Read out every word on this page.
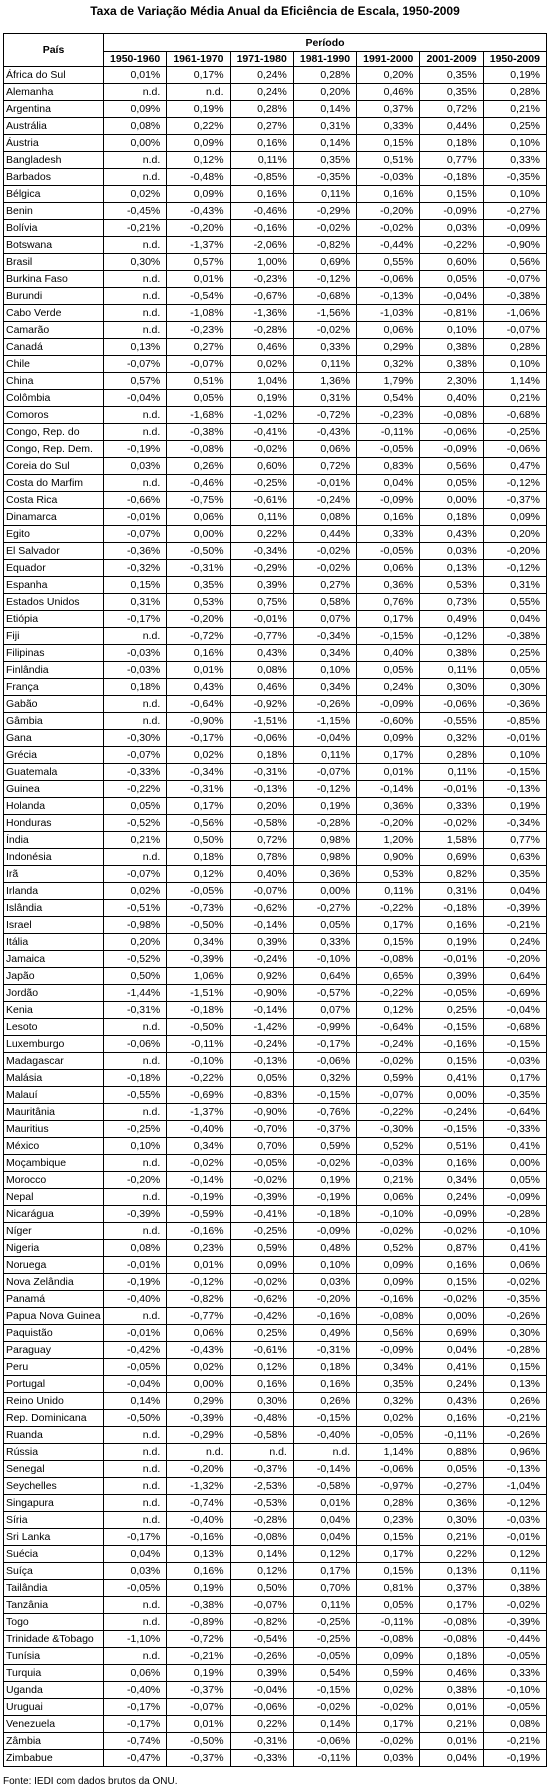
Taxa de Variação Média Anual da Eficiência de Escala, 1950-2009
País	Período						
	1950-1960	1961-1970	1971-1980	1981-1990	1991-2000	2001-2009	1950-2009
África do Sul	0,01%	0,17%	0,24%	0,28%	0,20%	0,35%	0,19%
Alemanha	n.d.	n.d.	0,24%	0,20%	0,46%	0,35%	0,28%
Argentina	0,09%	0,19%	0,28%	0,14%	0,37%	0,72%	0,21%
Austrália	0,08%	0,22%	0,27%	0,31%	0,33%	0,44%	0,25%
Áustria	0,00%	0,09%	0,16%	0,14%	0,15%	0,18%	0,10%
Bangladesh	n.d.	0,12%	0,11%	0,35%	0,51%	0,77%	0,33%
Barbados	n.d.	-0,48%	-0,85%	-0,35%	-0,03%	-0,18%	-0,35%
Bélgica	0,02%	0,09%	0,16%	0,11%	0,16%	0,15%	0,10%
Benin	-0,45%	-0,43%	-0,46%	-0,29%	-0,20%	-0,09%	-0,27%
Bolívia	-0,21%	-0,20%	-0,16%	-0,02%	-0,02%	0,03%	-0,09%
Botswana	n.d.	-1,37%	-2,06%	-0,82%	-0,44%	-0,22%	-0,90%
Brasil	0,30%	0,57%	1,00%	0,69%	0,55%	0,60%	0,56%
Burkina Faso	n.d.	0,01%	-0,23%	-0,12%	-0,06%	0,05%	-0,07%
Burundi	n.d.	-0,54%	-0,67%	-0,68%	-0,13%	-0,04%	-0,38%
Cabo Verde	n.d.	-1,08%	-1,36%	-1,56%	-1,03%	-0,81%	-1,06%
Camarão	n.d.	-0,23%	-0,28%	-0,02%	0,06%	0,10%	-0,07%
Canadá	0,13%	0,27%	0,46%	0,33%	0,29%	0,38%	0,28%
Chile	-0,07%	-0,07%	0,02%	0,11%	0,32%	0,38%	0,10%
China	0,57%	0,51%	1,04%	1,36%	1,79%	2,30%	1,14%
Colômbia	-0,04%	0,05%	0,19%	0,31%	0,54%	0,40%	0,21%
Comoros	n.d.	-1,68%	-1,02%	-0,72%	-0,23%	-0,08%	-0,68%
Congo, Rep. do	n.d.	-0,38%	-0,41%	-0,43%	-0,11%	-0,06%	-0,25%
Congo, Rep. Dem.	-0,19%	-0,08%	-0,02%	0,06%	-0,05%	-0,09%	-0,06%
Coreia do Sul	0,03%	0,26%	0,60%	0,72%	0,83%	0,56%	0,47%
Costa do Marfim	n.d.	-0,46%	-0,25%	-0,01%	0,04%	0,05%	-0,12%
Costa Rica	-0,66%	-0,75%	-0,61%	-0,24%	-0,09%	0,00%	-0,37%
Dinamarca	-0,01%	0,06%	0,11%	0,08%	0,16%	0,18%	0,09%
Egito	-0,07%	0,00%	0,22%	0,44%	0,33%	0,43%	0,20%
El Salvador	-0,36%	-0,50%	-0,34%	-0,02%	-0,05%	0,03%	-0,20%
Equador	-0,32%	-0,31%	-0,29%	-0,02%	0,06%	0,13%	-0,12%
Espanha	0,15%	0,35%	0,39%	0,27%	0,36%	0,53%	0,31%
Estados Unidos	0,31%	0,53%	0,75%	0,58%	0,76%	0,73%	0,55%
Etiópia	-0,17%	-0,20%	-0,01%	0,07%	0,17%	0,49%	0,04%
Fiji	n.d.	-0,72%	-0,77%	-0,34%	-0,15%	-0,12%	-0,38%
Filipinas	-0,03%	0,16%	0,43%	0,34%	0,40%	0,38%	0,25%
Finlândia	-0,03%	0,01%	0,08%	0,10%	0,05%	0,11%	0,05%
França	0,18%	0,43%	0,46%	0,34%	0,24%	0,30%	0,30%
Gabão	n.d.	-0,64%	-0,92%	-0,26%	-0,09%	-0,06%	-0,36%
Gâmbia	n.d.	-0,90%	-1,51%	-1,15%	-0,60%	-0,55%	-0,85%
Gana	-0,30%	-0,17%	-0,06%	-0,04%	0,09%	0,32%	-0,01%
Grécia	-0,07%	0,02%	0,18%	0,11%	0,17%	0,28%	0,10%
Guatemala	-0,33%	-0,34%	-0,31%	-0,07%	0,01%	0,11%	-0,15%
Guinea	-0,22%	-0,31%	-0,13%	-0,12%	-0,14%	-0,01%	-0,13%
Holanda	0,05%	0,17%	0,20%	0,19%	0,36%	0,33%	0,19%
Honduras	-0,52%	-0,56%	-0,58%	-0,28%	-0,20%	-0,02%	-0,34%
Índia	0,21%	0,50%	0,72%	0,98%	1,20%	1,58%	0,77%
Indonésia	n.d.	0,18%	0,78%	0,98%	0,90%	0,69%	0,63%
Irã	-0,07%	0,12%	0,40%	0,36%	0,53%	0,82%	0,35%
Irlanda	0,02%	-0,05%	-0,07%	0,00%	0,11%	0,31%	0,04%
Islândia	-0,51%	-0,73%	-0,62%	-0,27%	-0,22%	-0,18%	-0,39%
Israel	-0,98%	-0,50%	-0,14%	0,05%	0,17%	0,16%	-0,21%
Itália	0,20%	0,34%	0,39%	0,33%	0,15%	0,19%	0,24%
Jamaica	-0,52%	-0,39%	-0,24%	-0,10%	-0,08%	-0,01%	-0,20%
Japão	0,50%	1,06%	0,92%	0,64%	0,65%	0,39%	0,64%
Jordão	-1,44%	-1,51%	-0,90%	-0,57%	-0,22%	-0,05%	-0,69%
Kenia	-0,31%	-0,18%	-0,14%	0,07%	0,12%	0,25%	-0,04%
Lesoto	n.d.	-0,50%	-1,42%	-0,99%	-0,64%	-0,15%	-0,68%
Luxemburgo	-0,06%	-0,11%	-0,24%	-0,17%	-0,24%	-0,16%	-0,15%
Madagascar	n.d.	-0,10%	-0,13%	-0,06%	-0,02%	0,15%	-0,03%
Malásia	-0,18%	-0,22%	0,05%	0,32%	0,59%	0,41%	0,17%
Malauí	-0,55%	-0,69%	-0,83%	-0,15%	-0,07%	0,00%	-0,35%
Mauritânia	n.d.	-1,37%	-0,90%	-0,76%	-0,22%	-0,24%	-0,64%
Mauritius	-0,25%	-0,40%	-0,70%	-0,37%	-0,30%	-0,15%	-0,33%
México	0,10%	0,34%	0,70%	0,59%	0,52%	0,51%	0,41%
Moçambique	n.d.	-0,02%	-0,05%	-0,02%	-0,03%	0,16%	0,00%
Morocco	-0,20%	-0,14%	-0,02%	0,19%	0,21%	0,34%	0,05%
Nepal	n.d.	-0,19%	-0,39%	-0,19%	0,06%	0,24%	-0,09%
Nicarágua	-0,39%	-0,59%	-0,41%	-0,18%	-0,10%	-0,09%	-0,28%
Níger	n.d.	-0,16%	-0,25%	-0,09%	-0,02%	-0,02%	-0,10%
Nigeria	0,08%	0,23%	0,59%	0,48%	0,52%	0,87%	0,41%
Noruega	-0,01%	0,01%	0,09%	0,10%	0,09%	0,16%	0,06%
Nova Zelândia	-0,19%	-0,12%	-0,02%	0,03%	0,09%	0,15%	-0,02%
Panamá	-0,40%	-0,82%	-0,62%	-0,20%	-0,16%	-0,02%	-0,35%
Papua Nova Guinea	n.d.	-0,77%	-0,42%	-0,16%	-0,08%	0,00%	-0,26%
Paquistão	-0,01%	0,06%	0,25%	0,49%	0,56%	0,69%	0,30%
Paraguay	-0,42%	-0,43%	-0,61%	-0,31%	-0,09%	0,04%	-0,28%
Peru	-0,05%	0,02%	0,12%	0,18%	0,34%	0,41%	0,15%
Portugal	-0,04%	0,00%	0,16%	0,16%	0,35%	0,24%	0,13%
Reino Unido	0,14%	0,29%	0,30%	0,26%	0,32%	0,43%	0,26%
Rep. Dominicana	-0,50%	-0,39%	-0,48%	-0,15%	0,02%	0,16%	-0,21%
Ruanda	n.d.	-0,29%	-0,58%	-0,40%	-0,05%	-0,11%	-0,26%
Rússia	n.d.	n.d.	n.d.	n.d.	1,14%	0,88%	0,96%
Senegal	n.d.	-0,20%	-0,37%	-0,14%	-0,06%	0,05%	-0,13%
Seychelles	n.d.	-1,32%	-2,53%	-0,58%	-0,97%	-0,27%	-1,04%
Singapura	n.d.	-0,74%	-0,53%	0,01%	0,28%	0,36%	-0,12%
Síria	n.d.	-0,40%	-0,28%	0,04%	0,23%	0,30%	-0,03%
Sri Lanka	-0,17%	-0,16%	-0,08%	0,04%	0,15%	0,21%	-0,01%
Suécia	0,04%	0,13%	0,14%	0,12%	0,17%	0,22%	0,12%
Suíça	0,03%	0,16%	0,12%	0,17%	0,15%	0,13%	0,11%
Tailândia	-0,05%	0,19%	0,50%	0,70%	0,81%	0,37%	0,38%
Tanzânia	n.d.	-0,38%	-0,07%	0,11%	0,05%	0,17%	-0,02%
Togo	n.d.	-0,89%	-0,82%	-0,25%	-0,11%	-0,08%	-0,39%
Trinidade &Tobago	-1,10%	-0,72%	-0,54%	-0,25%	-0,08%	-0,08%	-0,44%
Tunísia	n.d.	-0,21%	-0,26%	-0,05%	0,09%	0,18%	-0,05%
Turquia	0,06%	0,19%	0,39%	0,54%	0,59%	0,46%	0,33%
Uganda	-0,40%	-0,37%	-0,04%	-0,15%	0,02%	0,38%	-0,10%
Uruguai	-0,17%	-0,07%	-0,06%	-0,02%	-0,02%	0,01%	-0,05%
Venezuela	-0,17%	0,01%	0,22%	0,14%	0,17%	0,21%	0,08%
Zâmbia	-0,74%	-0,50%	-0,31%	-0,06%	-0,02%	0,01%	-0,21%
Zimbabue	-0,47%	-0,37%	-0,33%	-0,11%	0,03%	0,04%	-0,19%
Fonte: IEDI com dados brutos da ONU.
